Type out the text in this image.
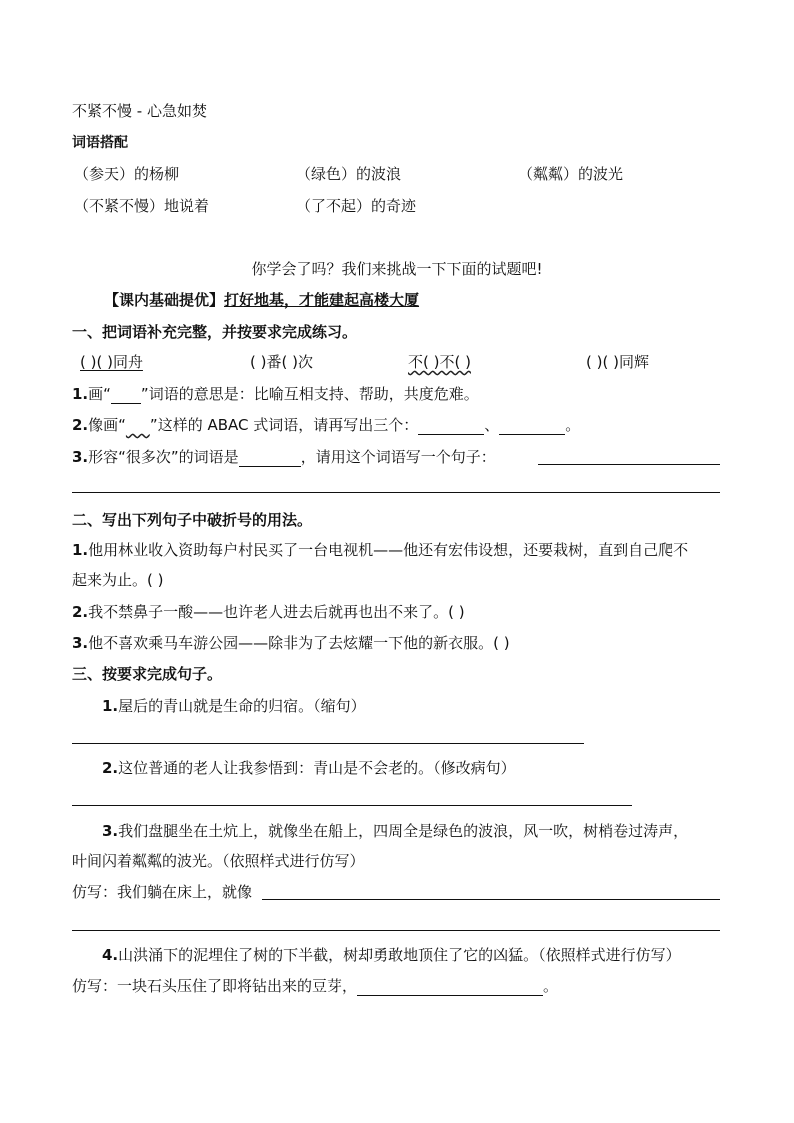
不紧不慢 - 心急如焚
词语搭配
（参天）的杨柳	（绿色）的波浪	（粼粼）的波光
（不紧不慢）地说着	（了不起）的奇迹
你学会了吗？我们来挑战一下下面的试题吧!
【课内基础提优】打好地基，才能建起高楼大厦
一、把词语补充完整，并按要求完成练习。
( )( )同舟	( )番( )次	不( )不( )	( )( )同辉
1.画“ ”词语的意思是：比喻互相支持、帮助，共度危难。
2.像画“​     ”这样的 ABAC 式词语，请再写出三个：	、	。
3.形容“很多次”的词语是	，请用这个词语写一个句子：
二、写出下列句子中破折号的用法。
1.他用林业收入资助每户村民买了一台电视机——他还有宏伟设想，还要栽树，直到自己爬不
起来为止。( )
2.我不禁鼻子一酸——也许老人进去后就再也出不来了。( )
3.他不喜欢乘马车游公园——除非为了去炫耀一下他的新衣服。( )
三、按要求完成句子。
1.屋后的青山就是生命的归宿。（缩句）
2.这位普通的老人让我参悟到：青山是不会老的。（修改病句）
3.我们盘腿坐在土炕上，就像坐在船上，四周全是绿色的波浪，风一吹，树梢卷过涛声，
叶间闪着粼粼的波光。（依照样式进行仿写）
仿写：我们躺在床上，就像
4.山洪涌下的泥埋住了树的下半截，树却勇敢地顶住了它的凶猛。（依照样式进行仿写）
仿写：一块石头压住了即将钻出来的豆芽，	。
